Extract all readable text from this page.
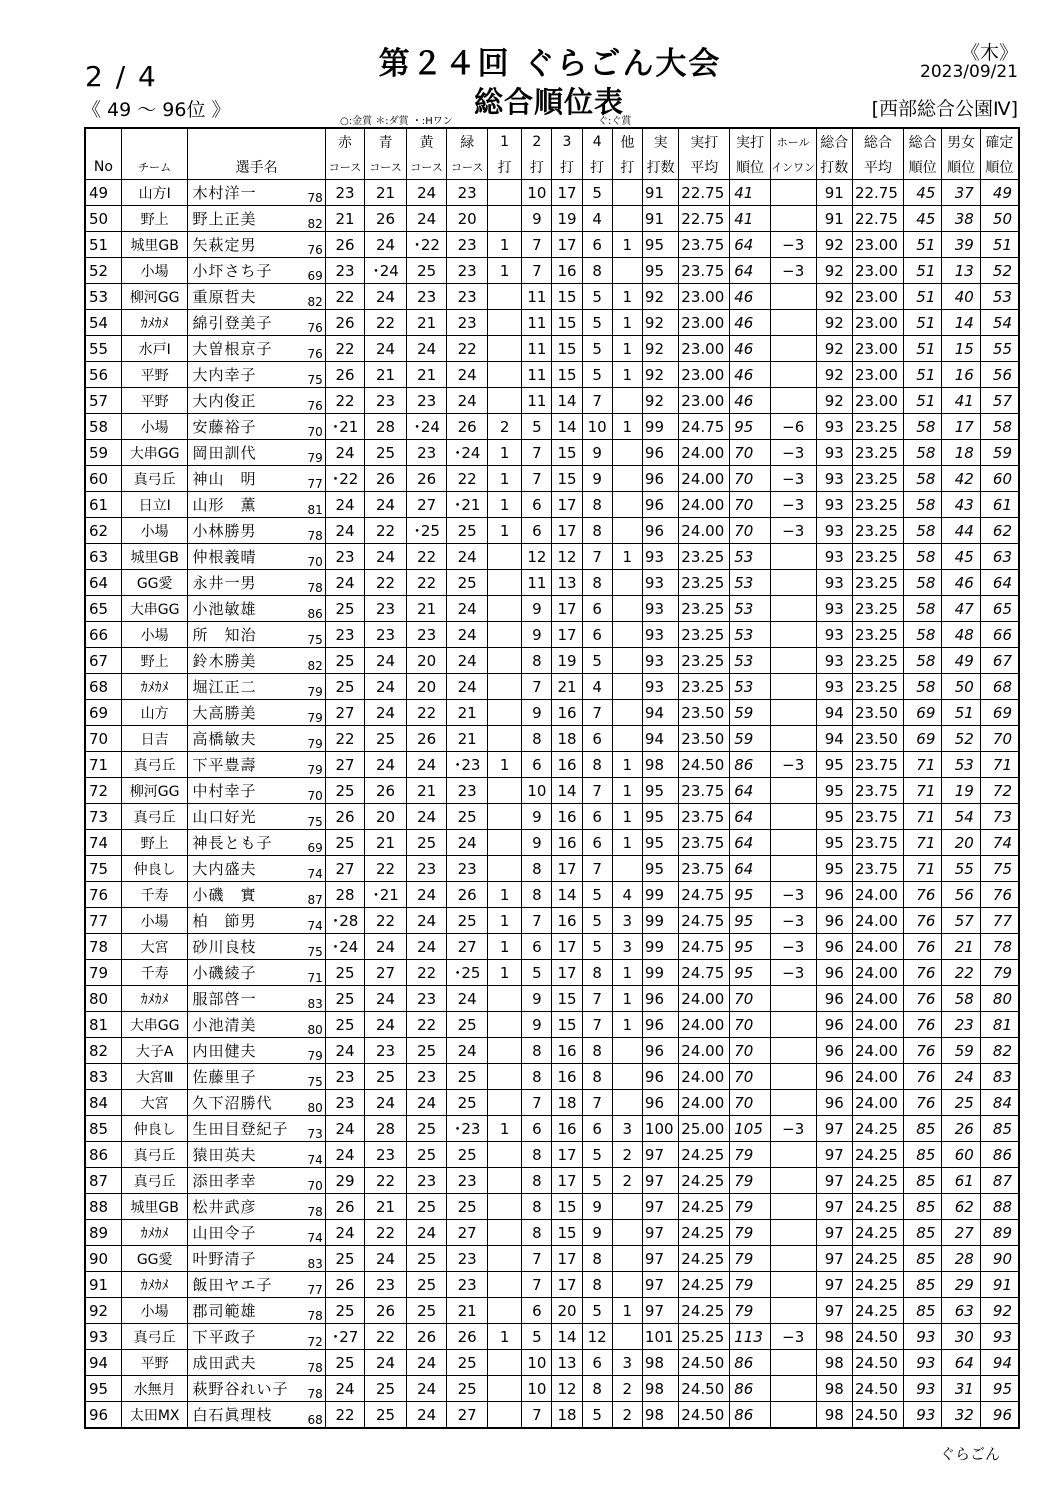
2 / 4
《 49 ～ 96位 》
第２４回 ぐらごん大会
総合順位表
○:金賞 ＊:ダ賞 ・:Hワン	ぐ:ぐ賞
《木》
2023/09/21
[西部総合公園Ⅳ]
				赤	青	黄	緑	1	2	3	4	他	実	実打	実打	ホール	総合	総合	総合	男女	確定
No	チーム	選手名		コース	コース	コース	コース	打	打	打	打	打	打数	平均	順位	インワン	打数	平均	順位	順位	順位
49	山方Ⅰ	木村洋一	78	23	21	24	23		10	17	5		91	22.75	41		91	22.75	45	37	49
50	野上	野上正美	82	21	26	24	20		9	19	4		91	22.75	41		91	22.75	45	38	50
51	城里GB	矢萩定男	76	26	24	･22	23	1	7	17	6	1	95	23.75	64	−3	92	23.00	51	39	51
52	小場	小圷さち子	69	23	･24	25	23	1	7	16	8		95	23.75	64	−3	92	23.00	51	13	52
53	柳河GG	重原哲夫	82	22	24	23	23		11	15	5	1	92	23.00	46		92	23.00	51	40	53
54	ｶﾒｶﾒ	綿引登美子	76	26	22	21	23		11	15	5	1	92	23.00	46		92	23.00	51	14	54
55	水戸Ⅰ	大曽根京子	76	22	24	24	22		11	15	5	1	92	23.00	46		92	23.00	51	15	55
56	平野	大内幸子	75	26	21	21	24		11	15	5	1	92	23.00	46		92	23.00	51	16	56
57	平野	大内俊正	76	22	23	23	24		11	14	7		92	23.00	46		92	23.00	51	41	57
58	小場	安藤裕子	70	･21	28	･24	26	2	5	14	10	1	99	24.75	95	−6	93	23.25	58	17	58
59	大串GG	岡田訓代	79	24	25	23	･24	1	7	15	9		96	24.00	70	−3	93	23.25	58	18	59
60	真弓丘	神山　明	77	･22	26	26	22	1	7	15	9		96	24.00	70	−3	93	23.25	58	42	60
61	日立Ⅰ	山形　薫	81	24	24	27	･21	1	6	17	8		96	24.00	70	−3	93	23.25	58	43	61
62	小場	小林勝男	78	24	22	･25	25	1	6	17	8		96	24.00	70	−3	93	23.25	58	44	62
63	城里GB	仲根義晴	70	23	24	22	24		12	12	7	1	93	23.25	53		93	23.25	58	45	63
64	GG愛	永井一男	78	24	22	22	25		11	13	8		93	23.25	53		93	23.25	58	46	64
65	大串GG	小池敏雄	86	25	23	21	24		9	17	6		93	23.25	53		93	23.25	58	47	65
66	小場	所　知治	75	23	23	23	24		9	17	6		93	23.25	53		93	23.25	58	48	66
67	野上	鈴木勝美	82	25	24	20	24		8	19	5		93	23.25	53		93	23.25	58	49	67
68	ｶﾒｶﾒ	堀江正二	79	25	24	20	24		7	21	4		93	23.25	53		93	23.25	58	50	68
69	山方	大高勝美	79	27	24	22	21		9	16	7		94	23.50	59		94	23.50	69	51	69
70	日吉	高橋敏夫	79	22	25	26	21		8	18	6		94	23.50	59		94	23.50	69	52	70
71	真弓丘	下平豊壽	79	27	24	24	･23	1	6	16	8	1	98	24.50	86	−3	95	23.75	71	53	71
72	柳河GG	中村幸子	70	25	26	21	23		10	14	7	1	95	23.75	64		95	23.75	71	19	72
73	真弓丘	山口好光	75	26	20	24	25		9	16	6	1	95	23.75	64		95	23.75	71	54	73
74	野上	神長とも子	69	25	21	25	24		9	16	6	1	95	23.75	64		95	23.75	71	20	74
75	仲良し	大内盛夫	74	27	22	23	23		8	17	7		95	23.75	64		95	23.75	71	55	75
76	千寿	小磯　實	87	28	･21	24	26	1	8	14	5	4	99	24.75	95	−3	96	24.00	76	56	76
77	小場	柏　節男	74	･28	22	24	25	1	7	16	5	3	99	24.75	95	−3	96	24.00	76	57	77
78	大宮	砂川良枝	75	･24	24	24	27	1	6	17	5	3	99	24.75	95	−3	96	24.00	76	21	78
79	千寿	小磯綾子	71	25	27	22	･25	1	5	17	8	1	99	24.75	95	−3	96	24.00	76	22	79
80	ｶﾒｶﾒ	服部啓一	83	25	24	23	24		9	15	7	1	96	24.00	70		96	24.00	76	58	80
81	大串GG	小池清美	80	25	24	22	25		9	15	7	1	96	24.00	70		96	24.00	76	23	81
82	大子A	内田健夫	79	24	23	25	24		8	16	8		96	24.00	70		96	24.00	76	59	82
83	大宮Ⅲ	佐藤里子	75	23	25	23	25		8	16	8		96	24.00	70		96	24.00	76	24	83
84	大宮	久下沼勝代	80	23	24	24	25		7	18	7		96	24.00	70		96	24.00	76	25	84
85	仲良し	生田目登紀子	73	24	28	25	･23	1	6	16	6	3	100	25.00	105	−3	97	24.25	85	26	85
86	真弓丘	猿田英夫	74	24	23	25	25		8	17	5	2	97	24.25	79		97	24.25	85	60	86
87	真弓丘	添田孝幸	70	29	22	23	23		8	17	5	2	97	24.25	79		97	24.25	85	61	87
88	城里GB	松井武彦	78	26	21	25	25		8	15	9		97	24.25	79		97	24.25	85	62	88
89	ｶﾒｶﾒ	山田令子	74	24	22	24	27		8	15	9		97	24.25	79		97	24.25	85	27	89
90	GG愛	叶野清子	83	25	24	25	23		7	17	8		97	24.25	79		97	24.25	85	28	90
91	ｶﾒｶﾒ	飯田ヤエ子	77	26	23	25	23		7	17	8		97	24.25	79		97	24.25	85	29	91
92	小場	郡司範雄	78	25	26	25	21		6	20	5	1	97	24.25	79		97	24.25	85	63	92
93	真弓丘	下平政子	72	･27	22	26	26	1	5	14	12		101	25.25	113	−3	98	24.50	93	30	93
94	平野	成田武夫	78	25	24	24	25		10	13	6	3	98	24.50	86		98	24.50	93	64	94
95	水無月	萩野谷れい子	78	24	25	24	25		10	12	8	2	98	24.50	86		98	24.50	93	31	95
96	太田MX	白石眞理枝	68	22	25	24	27		7	18	5	2	98	24.50	86		98	24.50	93	32	96
ぐらごん
